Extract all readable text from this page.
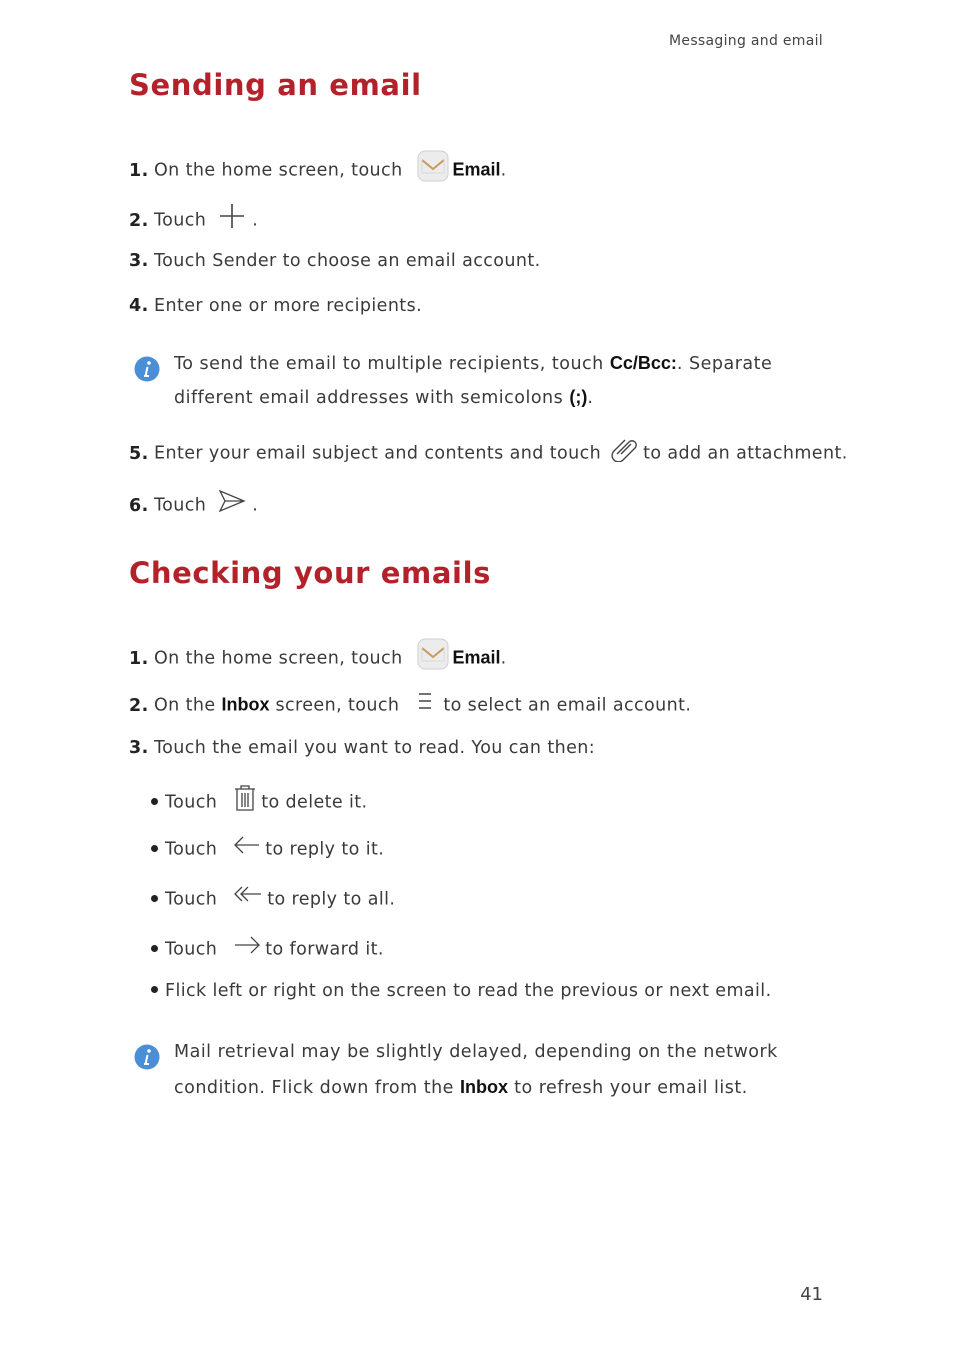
Messaging and email
Sending an email
1. On the home screen, touch	Email.
2. Touch	.
3. Touch Sender to choose an email account.
4. Enter one or more recipients.
To send the email to multiple recipients, touch Cc/Bcc:. Separate
different email addresses with semicolons (;).
5. Enter your email subject and contents and touch to add an attachment.
6. Touch	.
Checking your emails
1. On the home screen, touch	Email.
2. On the Inbox screen, touch	to select an email account.
3. Touch the email you want to read. You can then:
Touch	to delete it.
Touch	to reply to it.
Touch	to reply to all.
Touch	to forward it.
Flick left or right on the screen to read the previous or next email.
Mail retrieval may be slightly delayed, depending on the network
condition. Flick down from the Inbox to refresh your email list.
41
